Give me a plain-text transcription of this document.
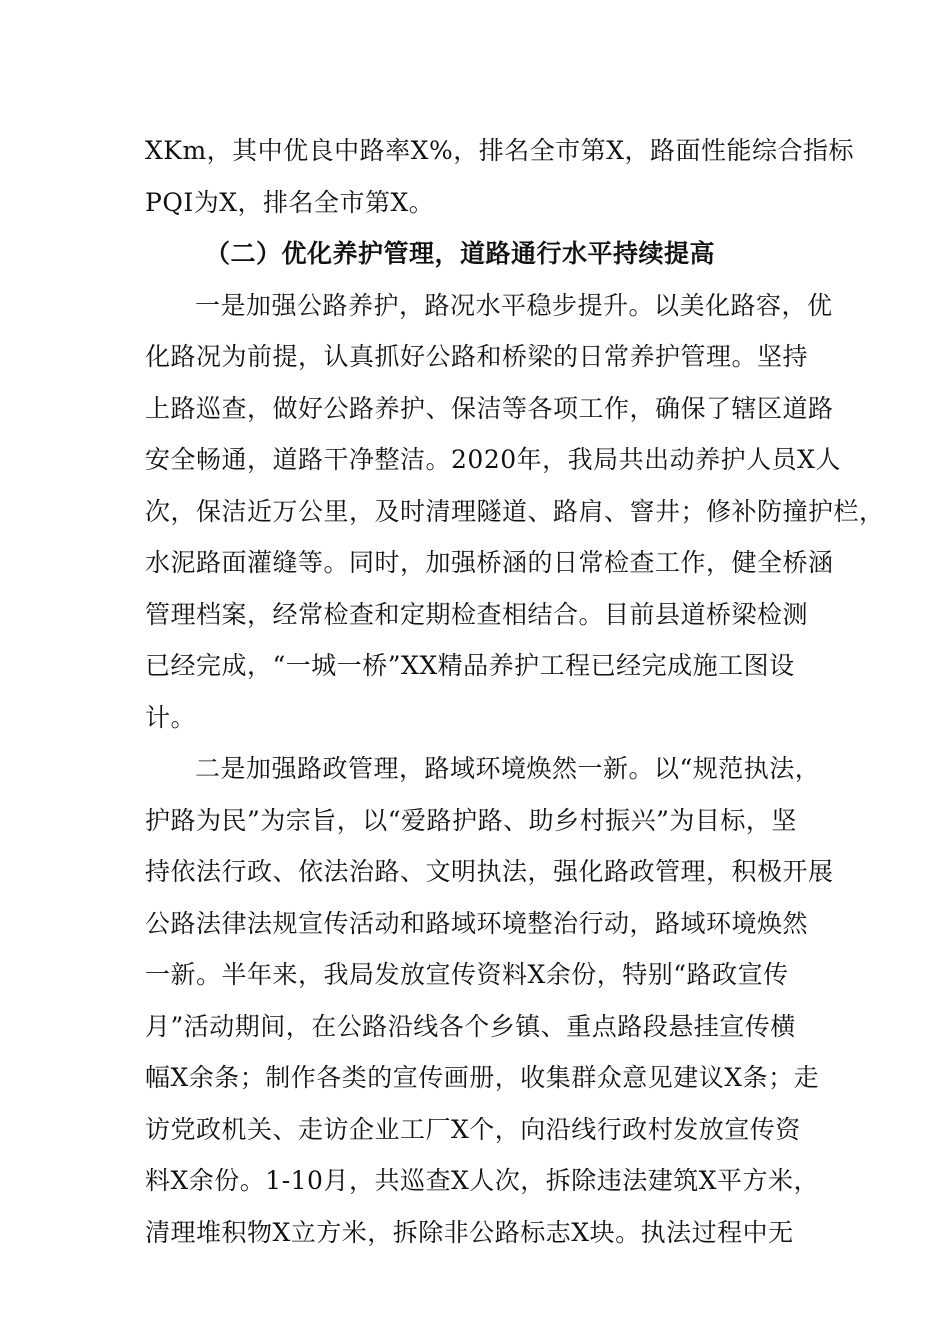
XKm，其中优良中路率X%，排名全市第X，路面性能综合指标
PQI为X，排名全市第X。
（二）优化养护管理，道路通行水平持续提高
一是加强公路养护，路况水平稳步提升。以美化路容，优
化路况为前提，认真抓好公路和桥梁的日常养护管理。坚持
上路巡查，做好公路养护、保洁等各项工作，确保了辖区道路
安全畅通，道路干净整洁。2020年，我局共出动养护人员X人
次，保洁近万公里，及时清理隧道、路肩、窨井；修补防撞护栏，
水泥路面灌缝等。同时，加强桥涵的日常检查工作，健全桥涵
管理档案，经常检查和定期检查相结合。目前县道桥梁检测
已经完成，“一城一桥”XX精品养护工程已经完成施工图设
计。
二是加强路政管理，路域环境焕然一新。以“规范执法，
护路为民”为宗旨，以“爱路护路、助乡村振兴”为目标，坚
持依法行政、依法治路、文明执法，强化路政管理，积极开展
公路法律法规宣传活动和路域环境整治行动，路域环境焕然
一新。半年来，我局发放宣传资料X余份，特别“路政宣传
月”活动期间，在公路沿线各个乡镇、重点路段悬挂宣传横
幅X余条；制作各类的宣传画册，收集群众意见建议X条；走
访党政机关、走访企业工厂X个，向沿线行政村发放宣传资
料X余份。1-10月，共巡查X人次，拆除违法建筑X平方米，
清理堆积物X立方米，拆除非公路标志X块。执法过程中无
